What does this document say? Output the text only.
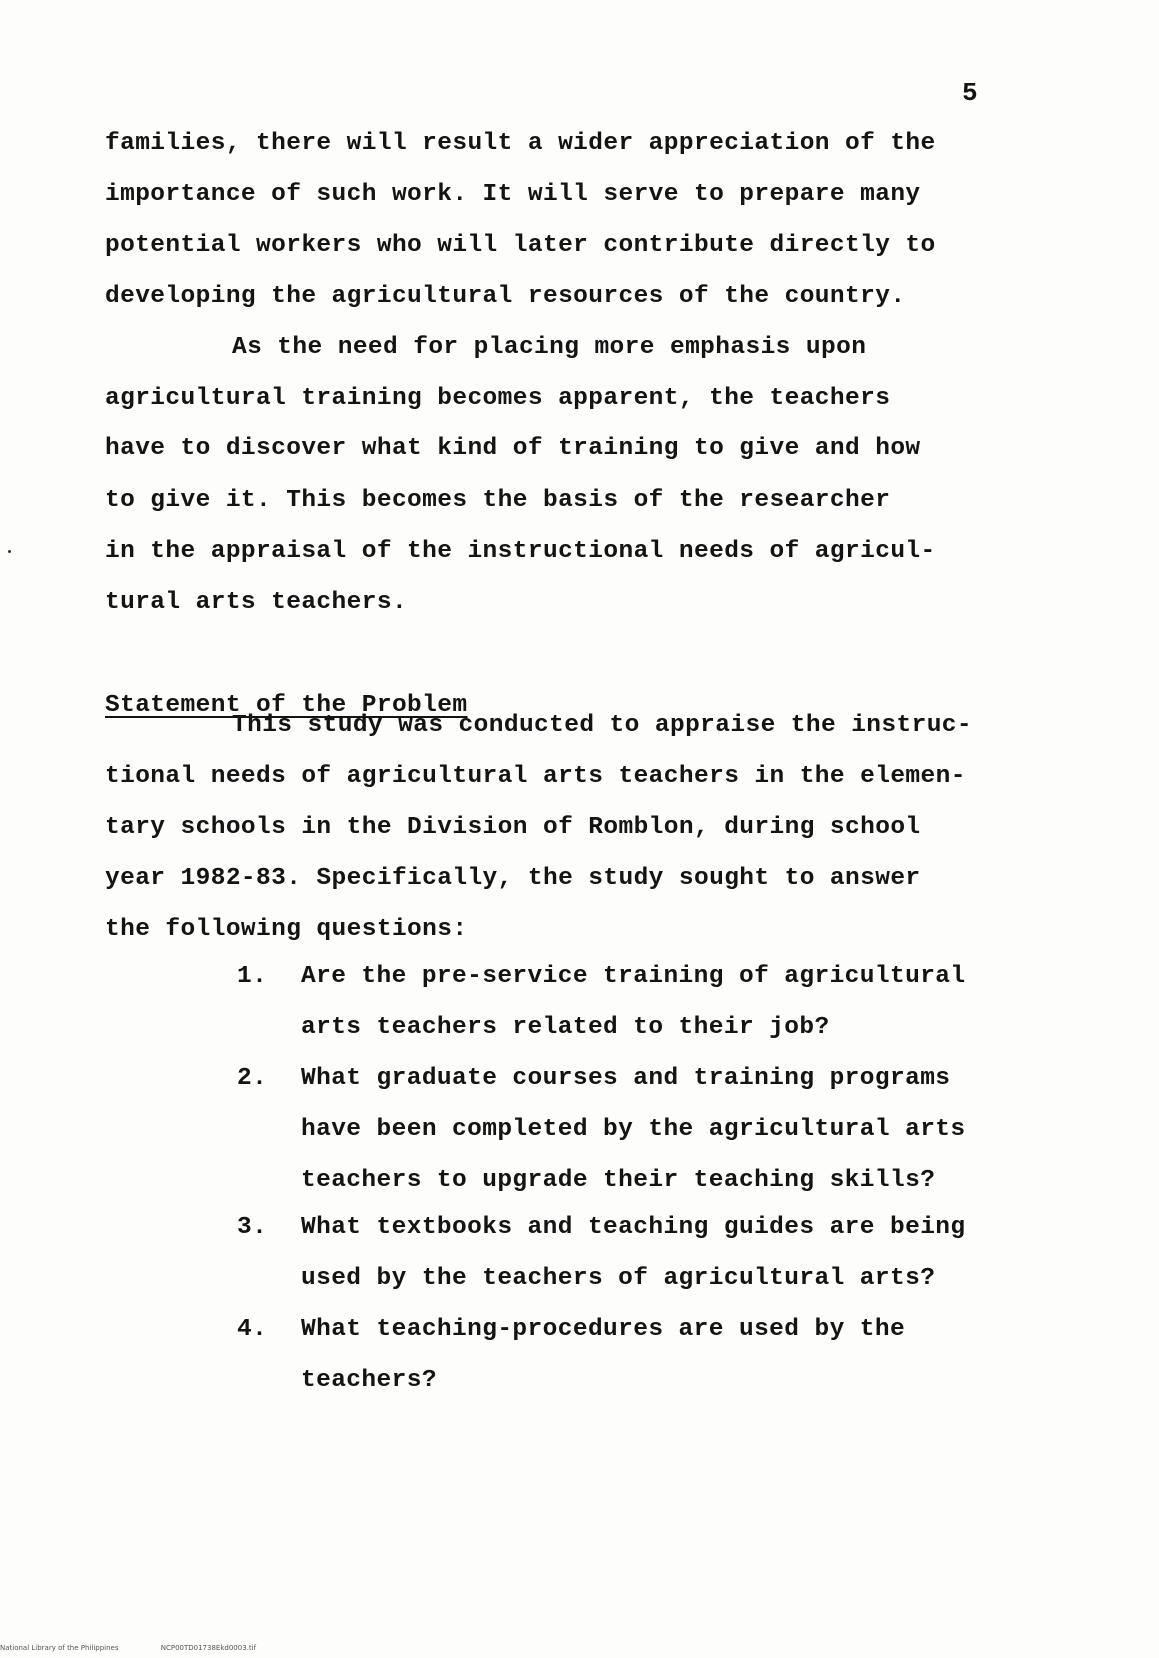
5
families, there will result a wider appreciation of the
importance of such work. It will serve to prepare many
potential workers who will later contribute directly to
developing the agricultural resources of the country.
As the need for placing more emphasis upon
agricultural training becomes apparent, the teachers
have to discover what kind of training to give and how
to give it. This becomes the basis of the researcher
in the appraisal of the instructional needs of agricul-
tural arts teachers.
Statement of the Problem
This study was conducted to appraise the instruc-
tional needs of agricultural arts teachers in the elemen-
tary schools in the Division of Romblon, during school
year 1982-83. Specifically, the study sought to answer
the following questions:
1. Are the pre-service training of agricultural
arts teachers related to their job?
2. What graduate courses and training programs
have been completed by the agricultural arts
teachers to upgrade their teaching skills?
3. What textbooks and teaching guides are being
used by the teachers of agricultural arts?
4. What teaching-procedures are used by the
teachers?
National Library of the Philippines	NCP00TD01738Ekd0003.tif
